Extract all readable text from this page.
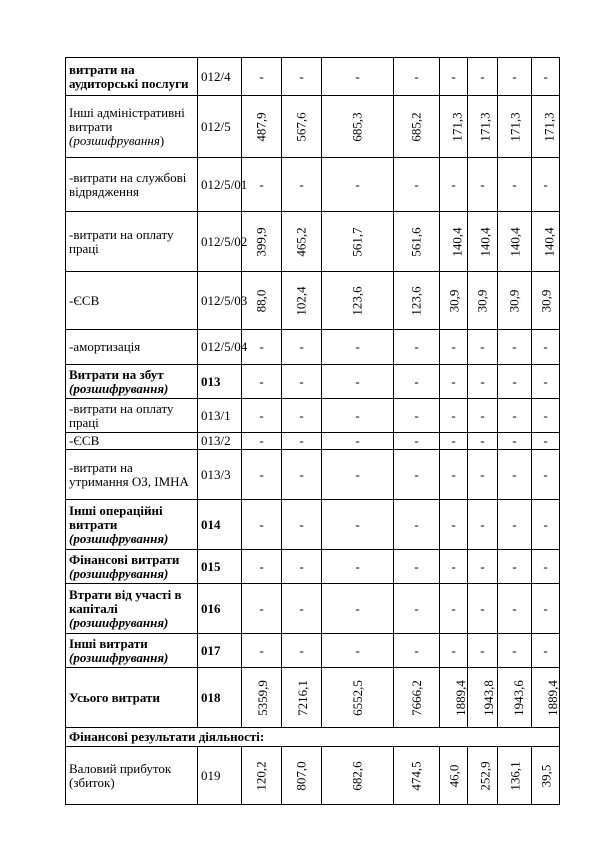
витрати на аудиторські послуги	012/4	-	-	-	-	-	-	-	-
Інші адміністративні витрати (розшифрування)	012/5	487,9	567,6	685,3	685,2	171,3	171,3	171,3	171,3
-витрати на службові відрядження	012/5/01	-	-	-	-	-	-	-	-
-витрати на оплату праці	012/5/02	399,9	465,2	561,7	561,6	140,4	140,4	140,4	140,4
-ЄСВ	012/5/03	88,0	102,4	123,6	123,6	30,9	30,9	30,9	30,9
-амортизація	012/5/04	-	-	-	-	-	-	-	-
Витрати на збут (розшифрування)	013	-	-	-	-	-	-	-	-
-витрати на оплату праці	013/1	-	-	-	-	-	-	-	-
-ЄСВ	013/2	-	-	-	-	-	-	-	-
-витрати на утримання ОЗ, ІМНА	013/3	-	-	-	-	-	-	-	-
Інші операційні витрати (розшифрування)	014	-	-	-	-	-	-	-	-
Фінансові витрати (розшифрування)	015	-	-	-	-	-	-	-	-
Втрати від участі в капіталі (розшифрування)	016	-	-	-	-	-	-	-	-
Інші витрати (розшифрування)	017	-	-	-	-	-	-	-	-
Усього витрати	018	5359,9	7216,1	6552,5	7666,2	1889,4	1943,8	1943,6	1889,4
Фінансові результати діяльності:									
Валовий прибуток (збиток)	019	120,2	807,0	682,6	474,5	46,0	252,9	136,1	39,5
